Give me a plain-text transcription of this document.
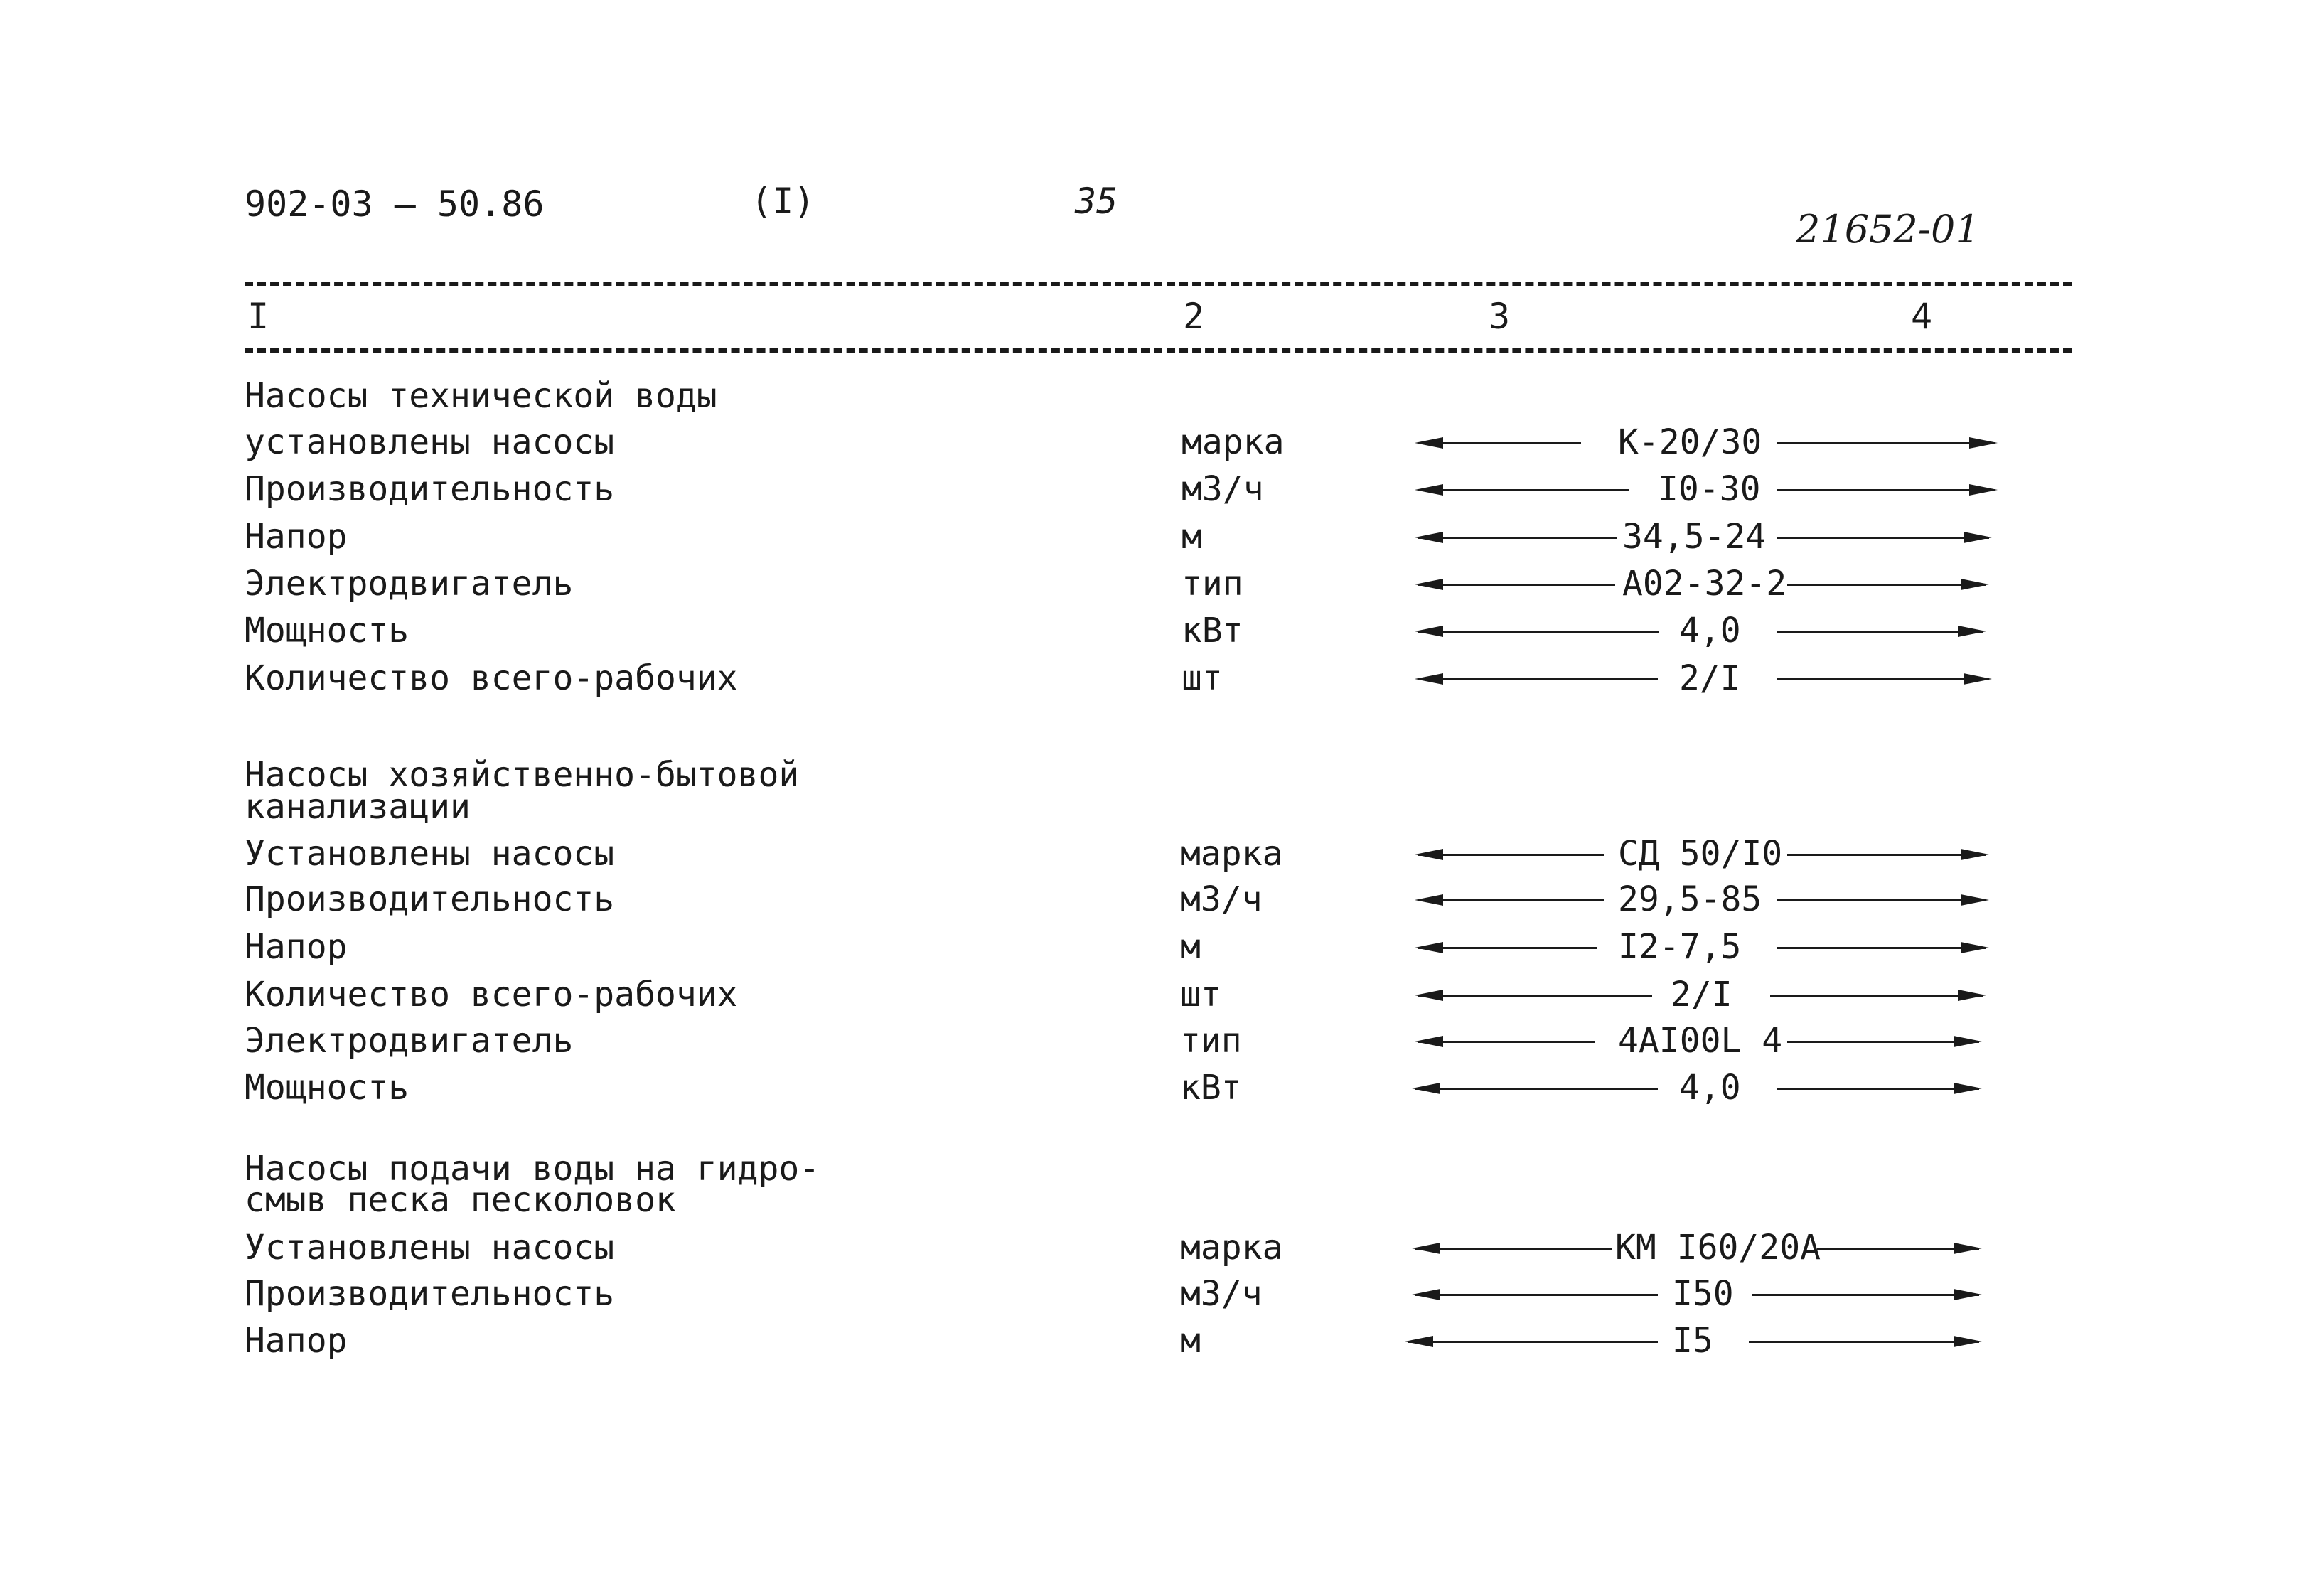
902-03 — 50.86	(I)	35
21652-01
I	2	3	4
Насосы технической воды
установлены насосы	марка	К-20/30
Производительность	м3/ч	I0-30
Напор	м	34,5-24
Электродвигатель	тип	А02-32-2
Мощность	кВт	4,0
Количество всего-рабочих	шт	2/I
Насосы хозяйственно-бытовой
канализации
Установлены насосы	марка	СД 50/I0
Производительность	м3/ч	29,5-85
Напор	м	I2-7,5
Количество всего-рабочих	шт	2/I
Электродвигатель	тип	4АI00L 4
Мощность	кВт	4,0
Насосы подачи воды на гидро-
смыв песка песколовок
Установлены насосы	марка	КМ I60/20А
Производительность	м3/ч	I50
Напор	м	I5
